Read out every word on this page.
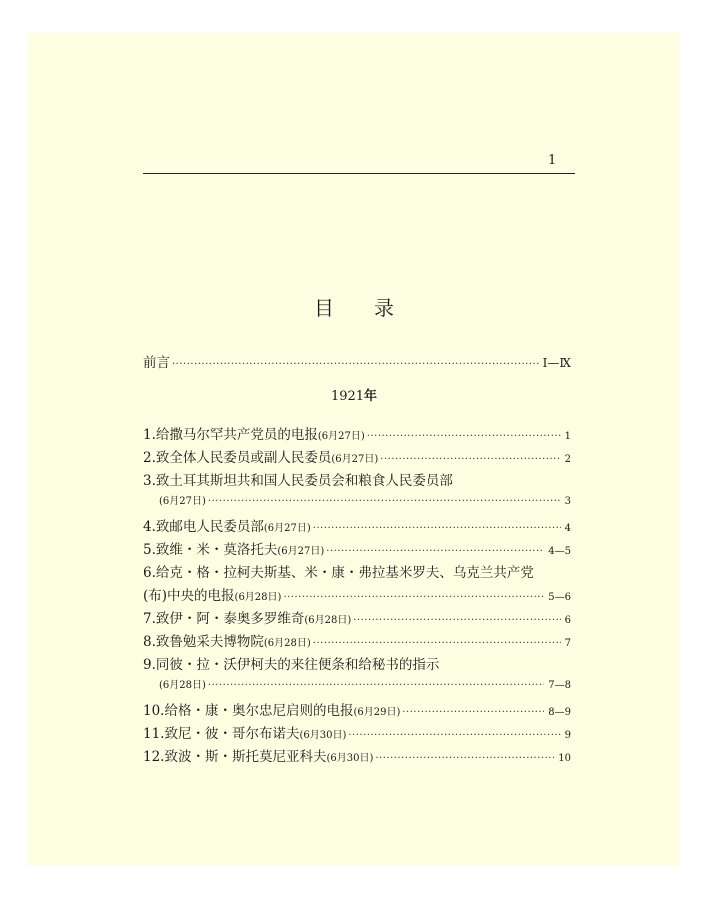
1
目 录
前言 ·····	Ⅰ—Ⅸ
1921年
1.给撒马尔罕共产党员的电报(6月27日) ·····	1
2.致全体人民委员或副人民委员(6月27日) ·····	2
3.致土耳其斯坦共和国人民委员会和粮食人民委员部
(6月27日) ·····	3
4.致邮电人民委员部(6月27日) ·····	4
5.致维・米・莫洛托夫(6月27日) ·····	4—5
6.给克・格・拉柯夫斯基、米・康・弗拉基米罗夫、乌克兰共产党
(布)中央的电报(6月28日) ·····	5—6
7.致伊・阿・泰奥多罗维奇(6月28日) ·····	6
8.致鲁勉采夫博物院(6月28日) ·····	7
9.同彼・拉・沃伊柯夫的来往便条和给秘书的指示
(6月28日) ·····	7—8
10.给格・康・奥尔忠尼启则的电报(6月29日) ·····	8—9
11.致尼・彼・哥尔布诺夫(6月30日) ·····	9
12.致波・斯・斯托莫尼亚科夫(6月30日) ·····	10
